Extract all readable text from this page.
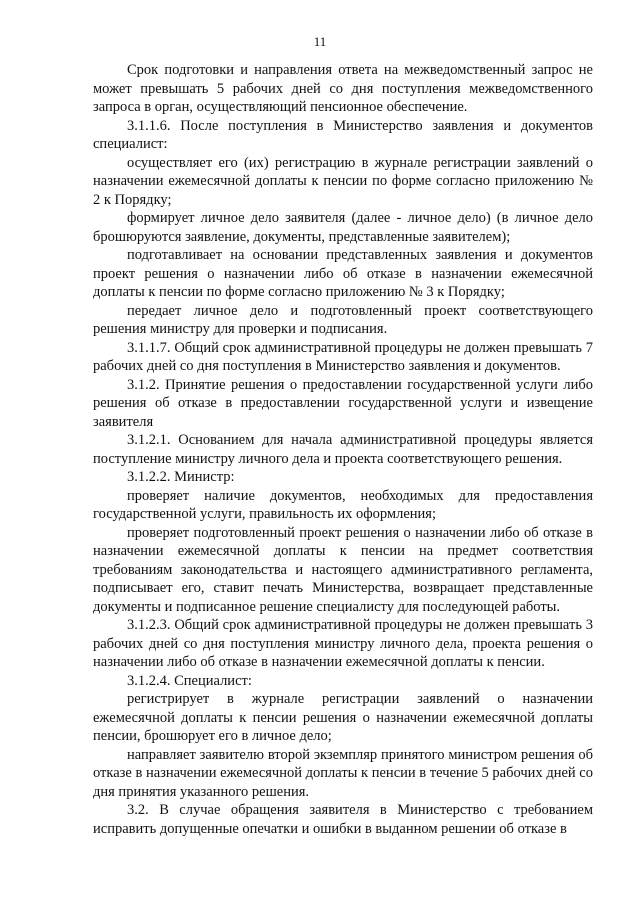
11

Срок подготовки и направления ответа на межведомственный запрос не может превышать 5 рабочих дней со дня поступления межведомственного запроса в орган, осуществляющий пенсионное обеспечение.

3.1.1.6. После поступления в Министерство заявления и документов специалист:

осуществляет его (их) регистрацию в журнале регистрации заявлений о назначении ежемесячной доплаты к пенсии по форме согласно приложению № 2 к Порядку;

формирует личное дело заявителя (далее - личное дело) (в личное дело брошюруются заявление, документы, представленные заявителем);

подготавливает на основании представленных заявления и документов проект решения о назначении либо об отказе в назначении ежемесячной доплаты к пенсии по форме согласно приложению № 3 к Порядку;

передает личное дело и подготовленный проект соответствующего решения министру для проверки и подписания.

3.1.1.7. Общий срок административной процедуры не должен превышать 7 рабочих дней со дня поступления в Министерство заявления и документов.

3.1.2. Принятие решения о предоставлении государственной услуги либо решения об отказе в предоставлении государственной услуги и извещение заявителя

3.1.2.1. Основанием для начала административной процедуры является поступление министру личного дела и проекта соответствующего решения.

3.1.2.2. Министр:

проверяет наличие документов, необходимых для предоставления государственной услуги, правильность их оформления;

проверяет подготовленный проект решения о назначении либо об отказе в назначении ежемесячной доплаты к пенсии на предмет соответствия требованиям законодательства и настоящего административного регламента, подписывает его, ставит печать Министерства, возвращает представленные документы и подписанное решение специалисту для последующей работы.

3.1.2.3. Общий срок административной процедуры не должен превышать 3 рабочих дней со дня поступления министру личного дела, проекта решения о назначении либо об отказе в назначении ежемесячной доплаты к пенсии.

3.1.2.4. Специалист:

регистрирует в журнале регистрации заявлений о назначении ежемесячной доплаты к пенсии решения о назначении ежемесячной доплаты пенсии, брошюрует его в личное дело;

направляет заявителю второй экземпляр принятого министром решения об отказе в назначении ежемесячной доплаты к пенсии в течение 5 рабочих дней со дня принятия указанного решения.

3.2. В случае обращения заявителя в Министерство с требованием исправить допущенные опечатки и ошибки в выданном решении об отказе в
